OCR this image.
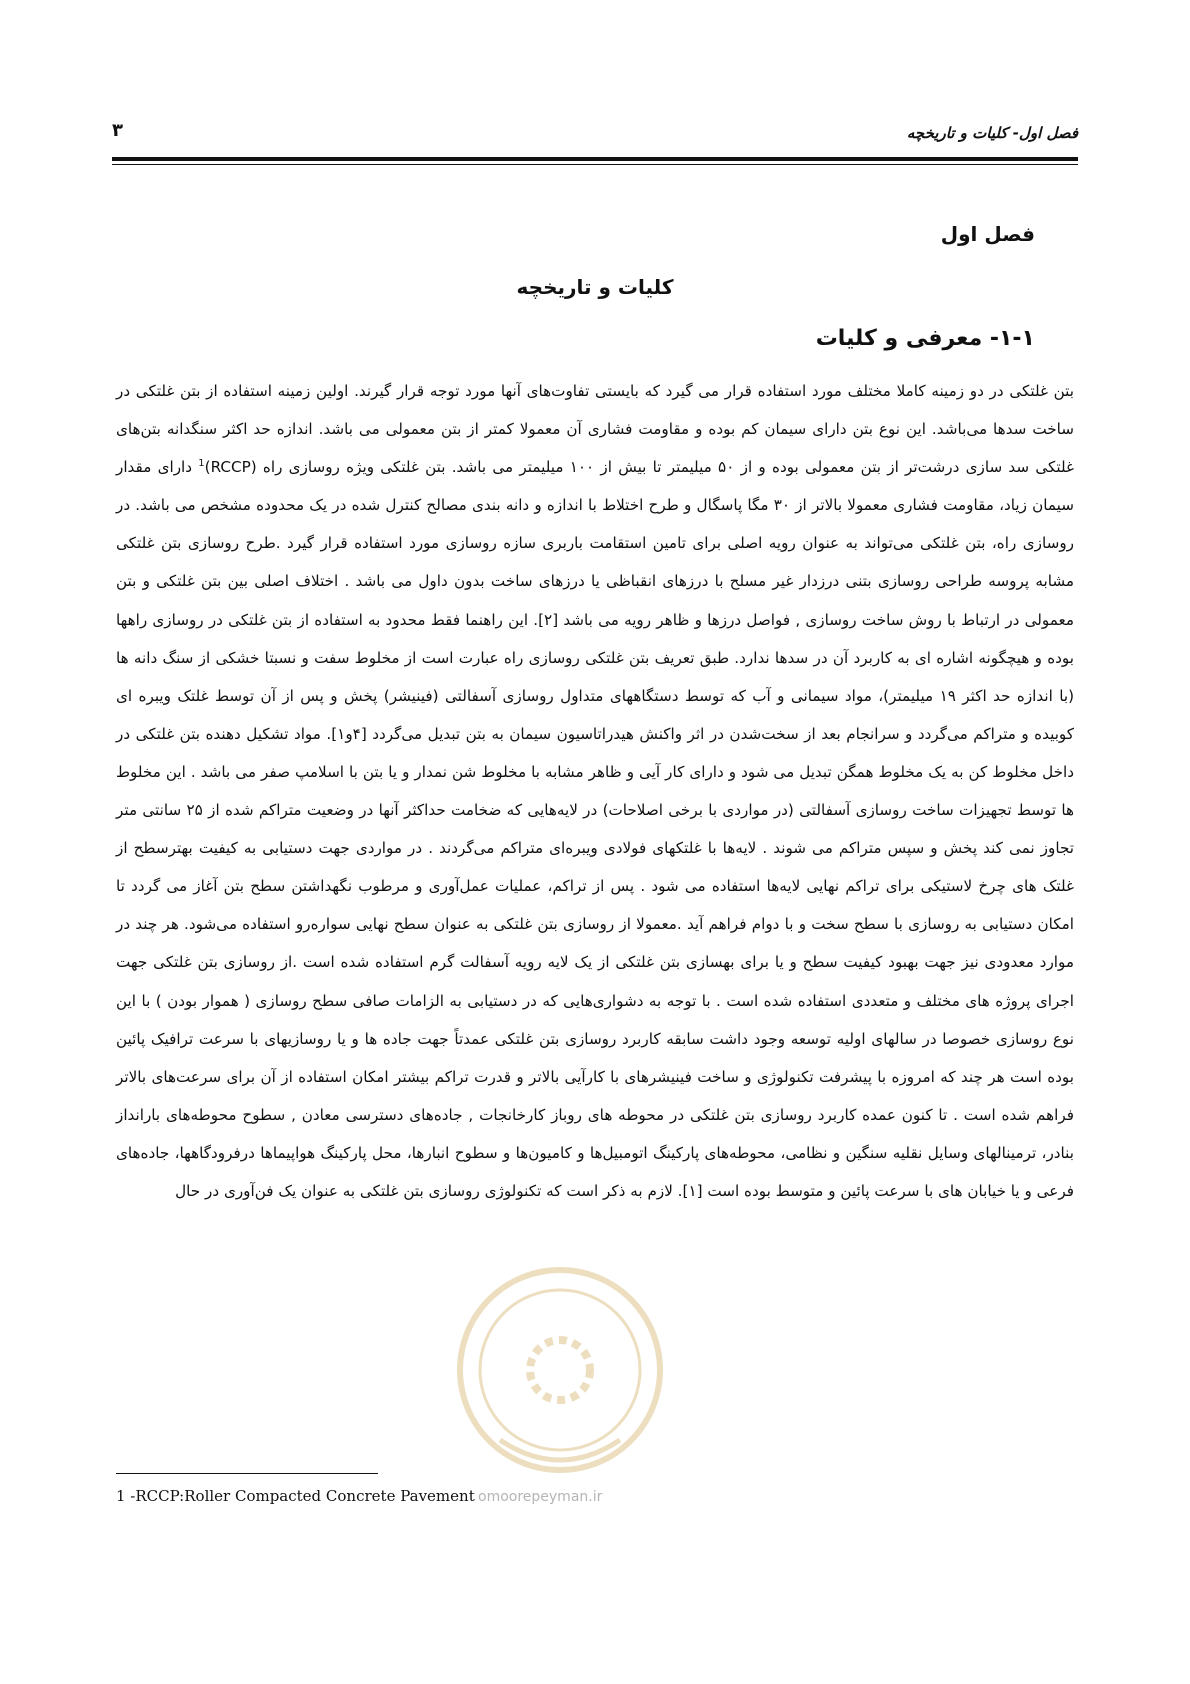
فصل اول- کلیات و تاریخچه
۳
فصل اول
کلیات و تاریخچه
۱-۱- معرفی و کلیات

بتن غلتکی در دو زمینه کاملا مختلف مورد استفاده قرار می گیرد که بایستی تفاوت‌های آنها مورد توجه قرار گیرند. اولین زمینه استفاده از بتن غلتکی در ساخت سدها می‌باشد. این نوع بتن دارای سیمان کم بوده و مقاومت فشاری آن معمولا کمتر از بتن معمولی می باشد. اندازه حد اکثر سنگدانه بتن‌های غلتکی سد سازی درشت‌تر از بتن معمولی بوده و از ۵۰ میلیمتر تا بیش از ۱۰۰ میلیمتر می باشد. بتن غلتکی ویژه روسازی راه (RCCP)$^1$ دارای مقدار سیمان زیاد، مقاومت فشاری معمولا بالاتر از ۳۰ مگا پاسگال و طرح اختلاط با اندازه و دانه بندی مصالح کنترل شده در یک محدوده مشخص می باشد. در روسازی راه، بتن غلتکی می‌تواند به عنوان رویه اصلی برای تامین استقامت باربری سازه روسازی مورد استفاده قرار گیرد .طرح روسازی بتن غلتکی مشابه پروسه طراحی روسازی بتنی درزدار غیر مسلح با درزهای انقباظی یا درزهای ساخت بدون داول می باشد . اختلاف اصلی بین بتن غلتکی و بتن معمولی در ارتباط با روش ساخت روسازی , فواصل درزها و ظاهر رویه می باشد [۲]. این راهنما فقط محدود به استفاده از بتن غلتکی در روسازی راهها بوده و هیچگونه اشاره ای به کاربرد آن در سدها ندارد. طبق تعریف بتن غلتکی روسازی راه عبارت است از مخلوط سفت و نسبتا خشکی از سنگ دانه ها (با اندازه حد اکثر ۱۹ میلیمتر)، مواد سیمانی و آب که توسط دستگاههای متداول روسازی آسفالتی (فینیشر) پخش و پس از آن توسط غلتک ویبره ای کوبیده و متراکم می‌گردد و سرانجام بعد از سخت‌شدن در اثر واکنش هیدراتاسیون سیمان به بتن تبدیل می‌گردد [۴و۱]. مواد تشکیل دهنده بتن غلتکی در داخل مخلوط کن به یک مخلوط همگن تبدیل می شود و دارای کار آیی و ظاهر مشابه با مخلوط شن نمدار و یا بتن با اسلامپ صفر می باشد . این مخلوط ها توسط تجهیزات ساخت روسازی آسفالتی (در مواردی با برخی اصلاحات) در لایه‌هایی که ضخامت حداکثر آنها در وضعیت متراکم شده از ۲۵ سانتی متر تجاوز نمی کند پخش و سپس متراکم می شوند . لایه‌ها با غلتکهای فولادی ویبره‌ای متراکم می‌گردند . در مواردی جهت دستیابی به کیفیت بهترسطح از غلتک های چرخ لاستیکی برای تراکم نهایی لایه‌ها استفاده می شود . پس از تراکم، عملیات عمل‌آوری و مرطوب نگهداشتن سطح بتن آغاز می گردد تا امکان دستیابی به روسازی با سطح سخت و با دوام فراهم آید .معمولا از روسازی بتن غلتکی به عنوان سطح نهایی سواره‌رو استفاده می‌شود. هر چند در موارد معدودی نیز جهت بهبود کیفیت سطح و یا برای بهسازی بتن غلتکی از یک لایه رویه آسفالت گرم استفاده شده است .از روسازی بتن غلتکی جهت اجرای پروژه های مختلف و متعددی استفاده شده است . با توجه به دشواری‌هایی که در دستیابی به الزامات صافی سطح روسازی ( هموار بودن ) با این نوع روسازی خصوصا در سالهای اولیه توسعه وجود داشت سابقه کاربرد روسازی بتن غلتکی عمدتاً جهت جاده ها و یا روسازیهای با سرعت ترافیک پائین بوده است هر چند که امروزه با پیشرفت تکنولوژی و ساخت فینیشرهای با کارآیی بالاتر و قدرت تراکم بیشتر امکان استفاده از آن برای سرعت‌های بالاتر فراهم شده است . تا کنون عمده کاربرد روسازی بتن غلتکی در محوطه های روباز کارخانجات , جاده‌های دسترسی معادن , سطوح محوطه‌های بارانداز بنادر، ترمینالهای وسایل نقلیه سنگین و نظامی، محوطه‌های پارکینگ اتومبیل‌ها و کامیون‌ها و سطوح انبارها، محل پارکینگ هواپیماها درفرودگاهها، جاده‌های فرعی و یا خیابان های با سرعت پائین و متوسط بوده است [۱]. لازم به ذکر است که تکنولوژی روسازی بتن غلتکی به عنوان یک فن‌آوری در حال

omoorepeyman.ir
1 -RCCP:Roller Compacted Concrete Pavement
